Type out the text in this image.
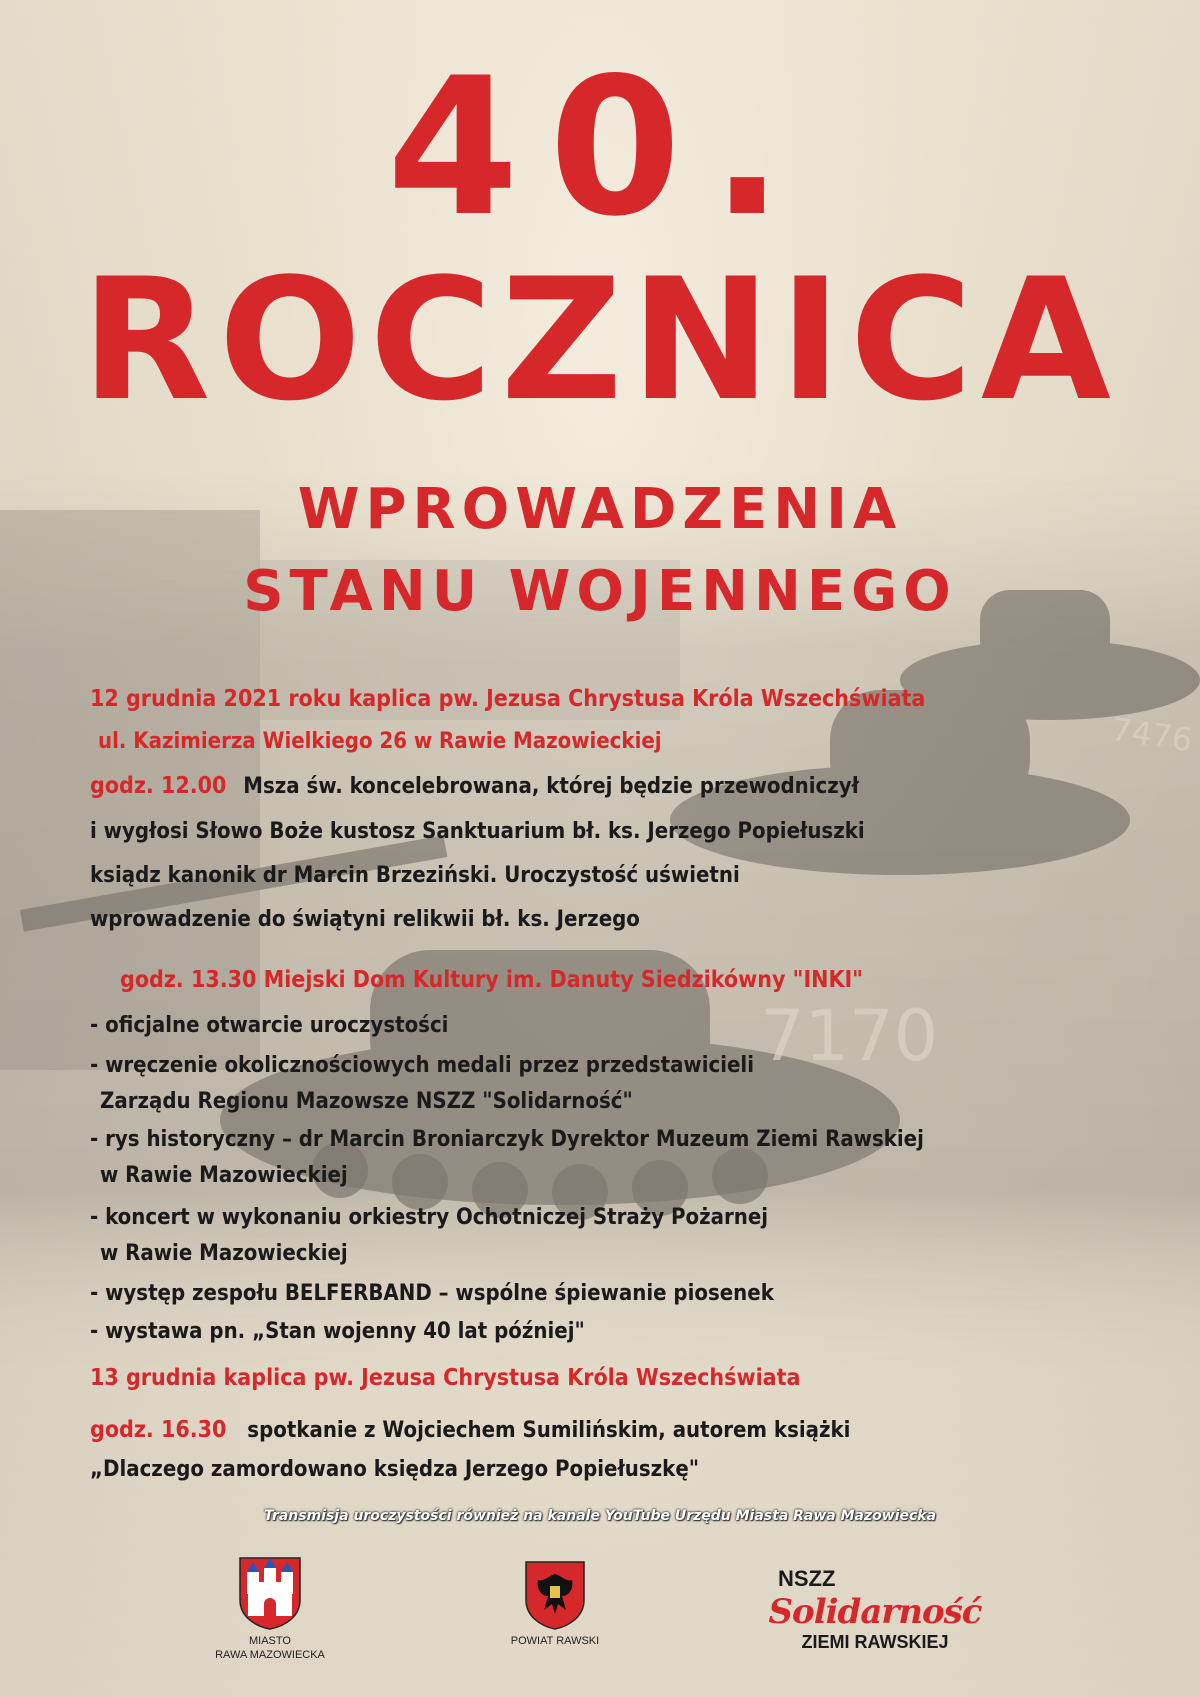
7170
7476
40.
ROCZNICA
WPROWADZENIA
STANU WOJENNEGO
12 grudnia 2021 roku kaplica pw. Jezusa Chrystusa Króla Wszechświata
ul. Kazimierza Wielkiego 26 w Rawie Mazowieckiej
godz. 12.00 Msza św. koncelebrowana, której będzie przewodniczył
i wygłosi Słowo Boże kustosz Sanktuarium bł. ks. Jerzego Popiełuszki
ksiądz kanonik dr Marcin Brzeziński. Uroczystość uświetni
wprowadzenie do świątyni relikwii bł. ks. Jerzego
godz. 13.30 Miejski Dom Kultury im. Danuty Siedzikówny "INKI"
- oficjalne otwarcie uroczystości
- wręczenie okolicznościowych medali przez przedstawicieli
Zarządu Regionu Mazowsze NSZZ "Solidarność"
- rys historyczny – dr Marcin Broniarczyk Dyrektor Muzeum Ziemi Rawskiej
w Rawie Mazowieckiej
- koncert w wykonaniu orkiestry Ochotniczej Straży Pożarnej
w Rawie Mazowieckiej
- występ zespołu BELFERBAND – wspólne śpiewanie piosenek
- wystawa pn. „Stan wojenny 40 lat później"
13 grudnia kaplica pw. Jezusa Chrystusa Króla Wszechświata
godz. 16.30 spotkanie z Wojciechem Sumilińskim, autorem książki
„Dlaczego zamordowano księdza Jerzego Popiełuszkę"
Transmisja uroczystości również na kanale YouTube Urzędu Miasta Rawa Mazowiecka
MIASTO
RAWA MAZOWIECKA
POWIAT RAWSKI
NSZZ
Solidarność
ZIEMI RAWSKIEJ
